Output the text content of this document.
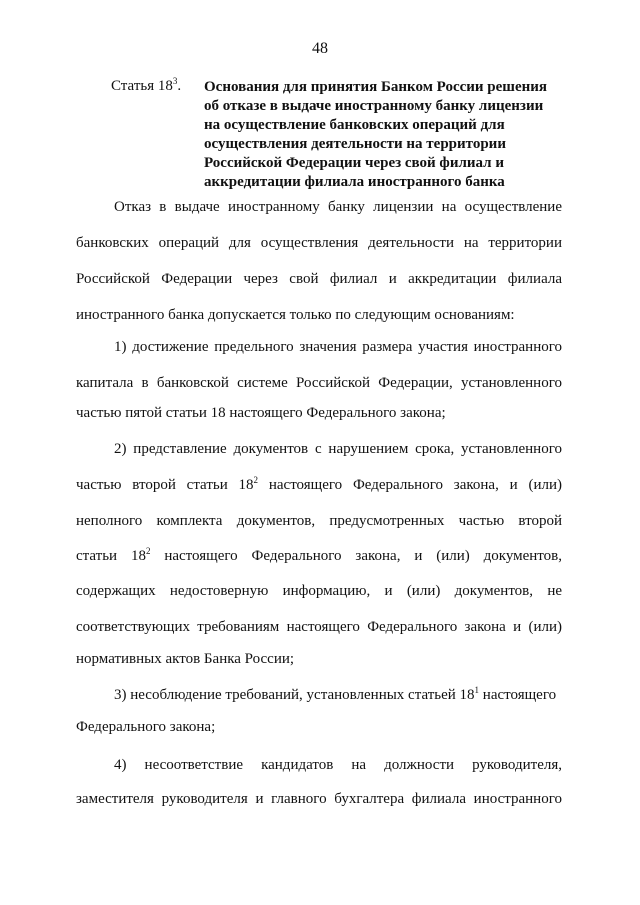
48
Статья $18^3$. Основания для принятия Банком России решения
об отказе в выдаче иностранному банку лицензии
на осуществление банковских операций для
осуществления деятельности на территории
Российской Федерации через свой филиал и
аккредитации филиала иностранного банка
Отказ в выдаче иностранному банку лицензии на осуществление
банковских операций для осуществления деятельности на территории
Российской Федерации через свой филиал и аккредитации филиала
иностранного банка допускается только по следующим основаниям:
1) достижение предельного значения размера участия иностранного
капитала в банковской системе Российской Федерации, установленного
частью пятой статьи 18 настоящего Федерального закона;
2) представление документов с нарушением срока, установленного
частью второй статьи $18^2$ настоящего Федерального закона, и (или)
неполного комплекта документов, предусмотренных частью второй
статьи $18^2$ настоящего Федерального закона, и (или) документов,
содержащих недостоверную информацию, и (или) документов, не
соответствующих требованиям настоящего Федерального закона и (или)
нормативных актов Банка России;
3) несоблюдение требований, установленных статьей $18^1$ настоящего
Федерального закона;
4) несоответствие кандидатов на должности руководителя,
заместителя руководителя и главного бухгалтера филиала иностранного
